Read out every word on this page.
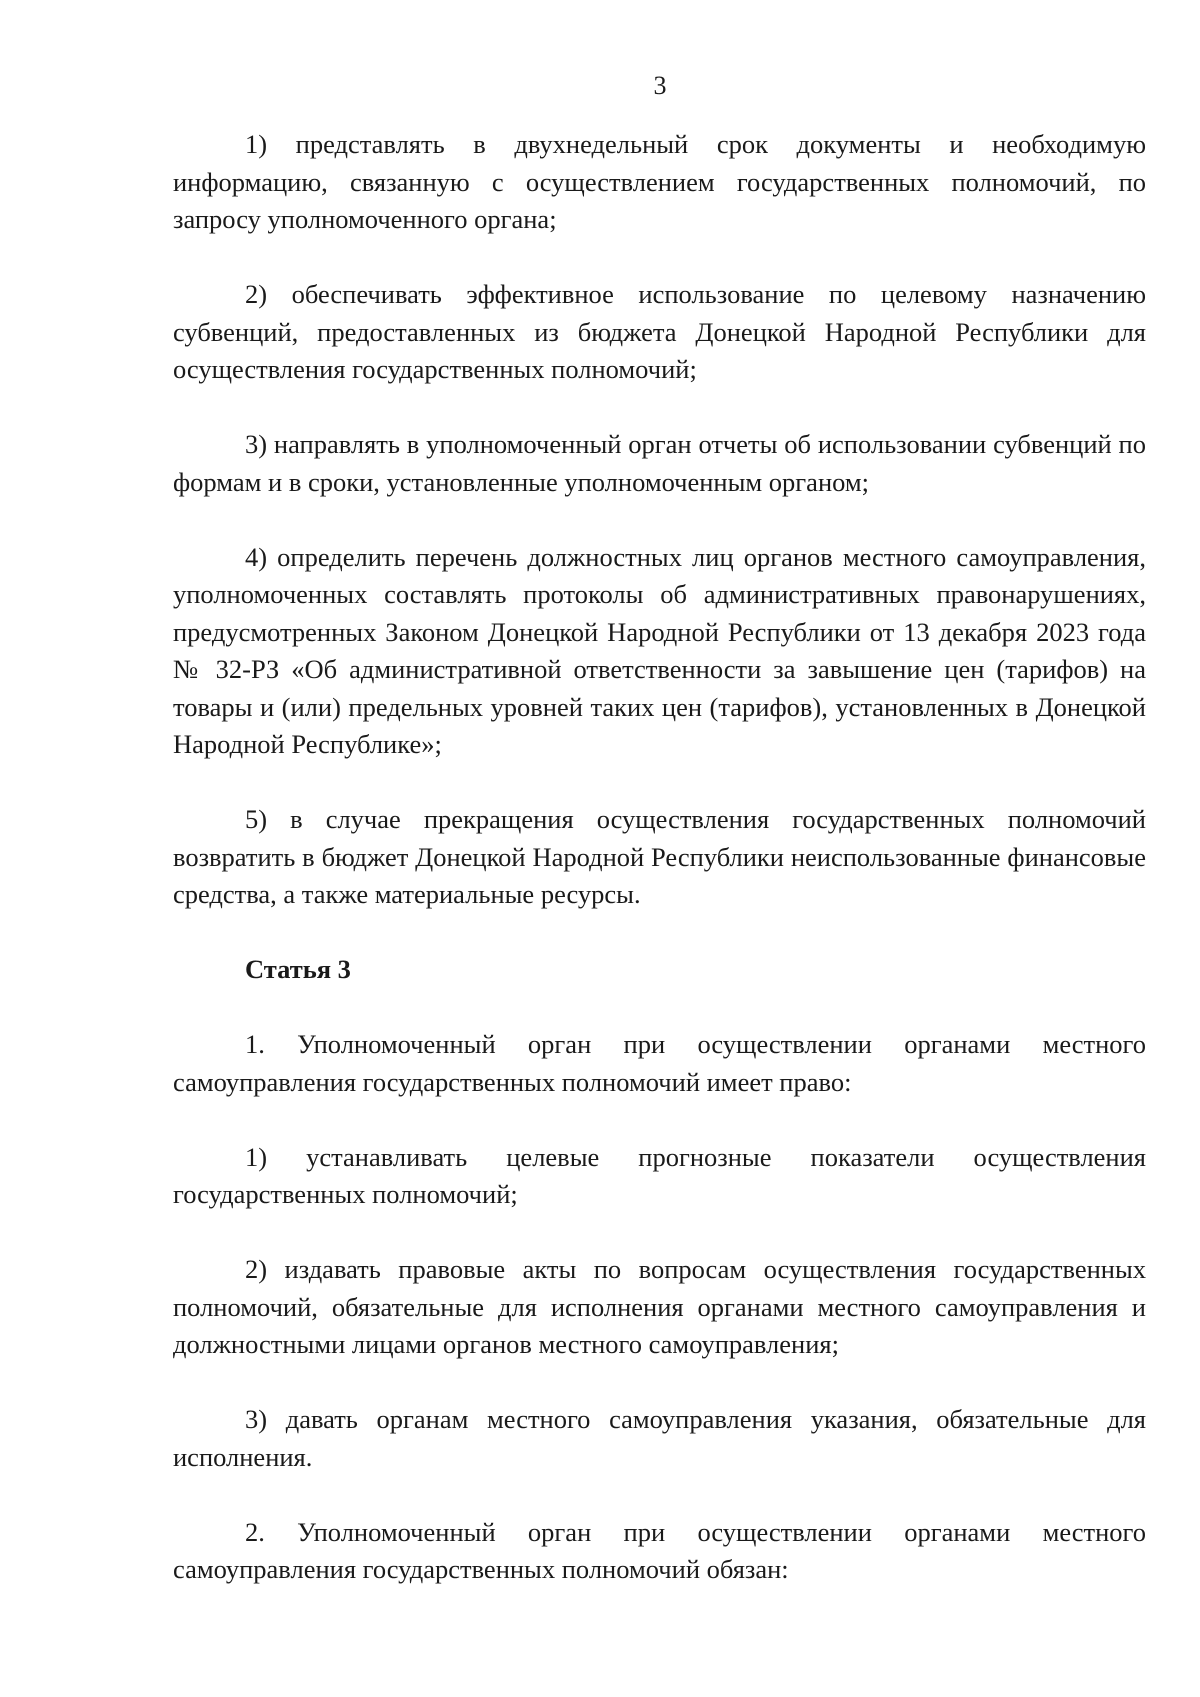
3

1) представлять в двухнедельный срок документы и необходимую информацию, связанную с осуществлением государственных полномочий, по запросу уполномоченного органа;

2) обеспечивать эффективное использование по целевому назначению субвенций, предоставленных из бюджета Донецкой Народной Республики для осуществления государственных полномочий;

3) направлять в уполномоченный орган отчеты об использовании субвенций по формам и в сроки, установленные уполномоченным органом;

4) определить перечень должностных лиц органов местного самоуправления, уполномоченных составлять протоколы об административных правонарушениях, предусмотренных Законом Донецкой Народной Республики от 13 декабря 2023 года № 32-РЗ «Об административной ответственности за завышение цен (тарифов) на товары и (или) предельных уровней таких цен (тарифов), установленных в Донецкой Народной Республике»;

5) в случае прекращения осуществления государственных полномочий возвратить в бюджет Донецкой Народной Республики неиспользованные финансовые средства, а также материальные ресурсы.

Статья 3

1. Уполномоченный орган при осуществлении органами местного самоуправления государственных полномочий имеет право:

1) устанавливать целевые прогнозные показатели осуществления государственных полномочий;

2) издавать правовые акты по вопросам осуществления государственных полномочий, обязательные для исполнения органами местного самоуправления и должностными лицами органов местного самоуправления;

3) давать органам местного самоуправления указания, обязательные для исполнения.

2. Уполномоченный орган при осуществлении органами местного самоуправления государственных полномочий обязан:
